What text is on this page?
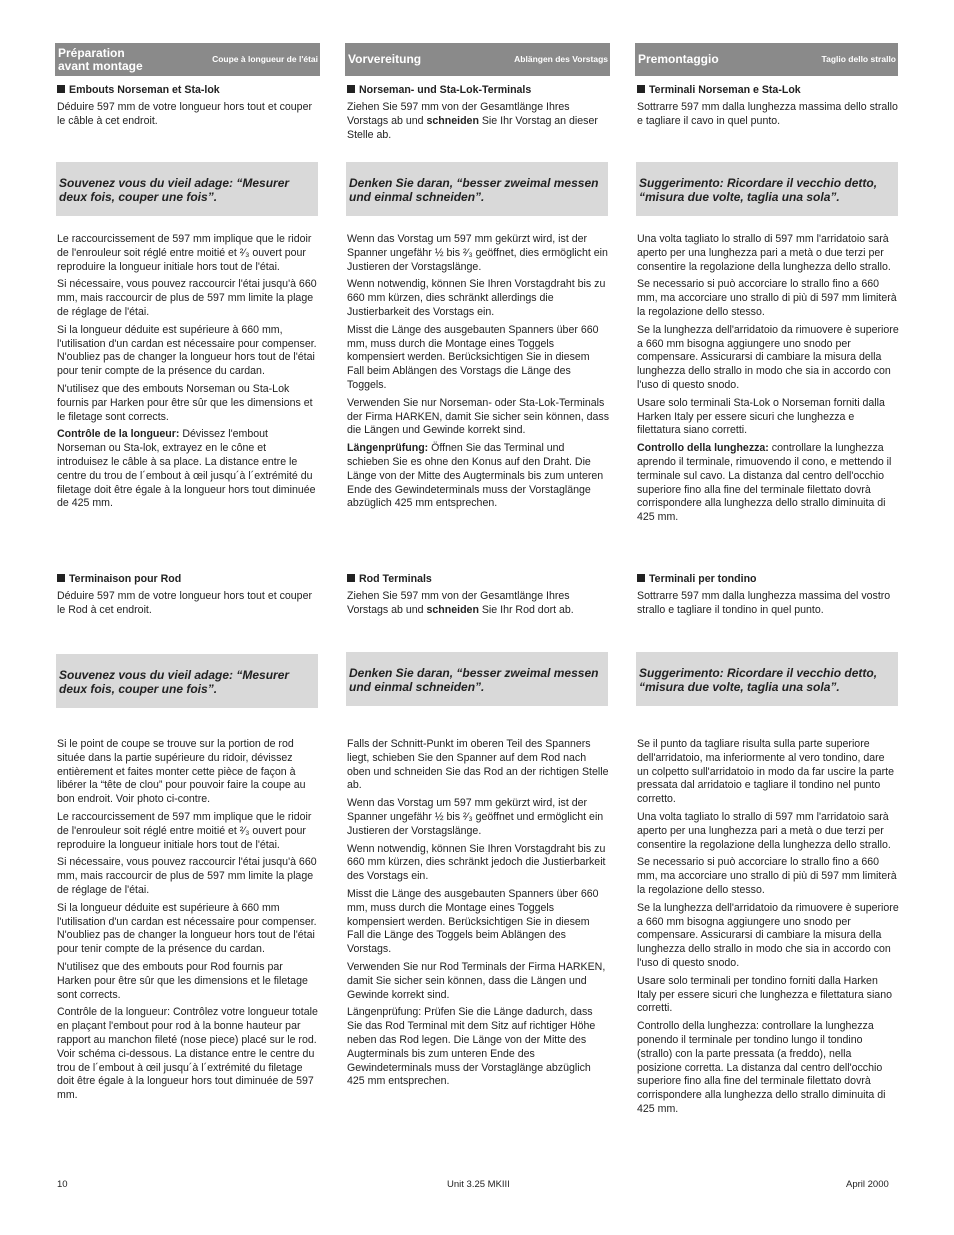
Préparation
avant montage	Coupe à longueur de l'étai	Vorvereitung	Ablängen des Vorstags	Premontaggio	Taglio dello strallo
Embouts Norseman et Sta-lok

Déduire 597 mm de votre longueur hors tout et couper le câble à cet endroit.

Souvenez vous du vieil adage: “Mesurer deux fois, couper une fois”.

Le raccourcissement de 597 mm implique que le ridoir de l'enrouleur soit réglé entre moitié et ²⁄₃ ouvert pour reproduire la longueur initiale hors tout de l'étai.

Si nécessaire, vous pouvez raccourcir l'étai jusqu'à 660 mm, mais raccourcir de plus de 597 mm limite la plage de réglage de l'étai.

Si la longueur déduite est supérieure à 660 mm, l'utilisation d'un cardan est nécessaire pour compenser. N'oubliez pas de changer la longueur hors tout de l'étai pour tenir compte de la présence du cardan.

N'utilisez que des embouts Norseman ou Sta-Lok fournis par Harken pour être sûr que les dimensions et le filetage sont corrects.

Contrôle de la longueur: Dévissez l'embout Norseman ou Sta-lok, extrayez en le cône et introduisez le câble à sa place. La distance entre le centre du trou de l´embout à œil jusqu´à l´extrémité du filetage doit être égale à la longueur hors tout diminuée de 425 mm.

Norseman- und Sta-Lok-Terminals

Ziehen Sie 597 mm von der Gesamtlänge Ihres Vorstags ab und schneiden Sie Ihr Vorstag an dieser Stelle ab.

Denken Sie daran, “besser zweimal messen und einmal schneiden”.

Wenn das Vorstag um 597 mm gekürzt wird, ist der Spanner ungefähr ½ bis ²⁄₃ geöffnet, dies ermöglicht ein Justieren der Vorstagslänge.

Wenn notwendig, können Sie Ihren Vorstagdraht bis zu 660 mm kürzen, dies schränkt allerdings die Justierbarkeit des Vorstags ein.

Misst die Länge des ausgebauten Spanners über 660 mm, muss durch die Montage eines Toggels kompensiert werden. Berücksichtigen Sie in diesem Fall beim Ablängen des Vorstags die Länge des Toggels.

Verwenden Sie nur Norseman- oder Sta-Lok-Terminals der Firma HARKEN, damit Sie sicher sein können, dass die Längen und Gewinde korrekt sind.

Längenprüfung: Öffnen Sie das Terminal und schieben Sie es ohne den Konus auf den Draht. Die Länge von der Mitte des Augterminals bis zum unteren Ende des Gewindeterminals muss der Vorstaglänge abzüglich 425 mm entsprechen.

Terminali Norseman e Sta-Lok

Sottrarre 597 mm dalla lunghezza massima dello strallo e tagliare il cavo in quel punto.

Suggerimento: Ricordare il vecchio detto, “misura due volte, taglia una sola”.

Una volta tagliato lo strallo di 597 mm l'arridatoio sarà aperto per una lunghezza pari a metà o due terzi per consentire la regolazione della lunghezza dello strallo.

Se necessario si può accorciare lo strallo fino a 660 mm, ma accorciare uno strallo di più di 597 mm limiterà la regolazione dello stesso.

Se la lunghezza dell'arridatoio da rimuovere è superiore a 660 mm bisogna aggiungere uno snodo per compensare. Assicurarsi di cambiare la misura della lunghezza dello strallo in modo che sia in accordo con l'uso di questo snodo.

Usare solo terminali Sta-Lok o Norseman forniti dalla Harken Italy per essere sicuri che lunghezza e filettatura siano corretti.

Controllo della lunghezza: controllare la lunghezza aprendo il terminale, rimuovendo il cono, e mettendo il terminale sul cavo. La distanza dal centro dell'occhio superiore fino alla fine del terminale filettato dovrà corrispondere alla lunghezza dello strallo diminuita di 425 mm.

Terminaison pour Rod

Déduire 597 mm de votre longueur hors tout et couper le Rod à cet endroit.

Souvenez vous du vieil adage: “Mesurer deux fois, couper une fois”.

Si le point de coupe se trouve sur la portion de rod située dans la partie supérieure du ridoir, dévissez entièrement et faites monter cette pièce de façon à libérer la “tête de clou” pour pouvoir faire la coupe au bon endroit. Voir photo ci-contre.

Le raccourcissement de 597 mm implique que le ridoir de l'enrouleur soit réglé entre moitié et ²⁄₃ ouvert pour reproduire la longueur initiale hors tout de l'étai.

Si nécessaire, vous pouvez raccourcir l'étai jusqu'à 660 mm, mais raccourcir de plus de 597 mm limite la plage de réglage de l'étai.

Si la longueur déduite est supérieure à 660 mm l'utilisation d'un cardan est nécessaire pour compenser. N'oubliez pas de changer la longueur hors tout de l'étai pour tenir compte de la présence du cardan.

N'utilisez que des embouts pour Rod fournis par Harken pour être sûr que les dimensions et le filetage sont corrects.

Contrôle de la longueur: Contrôlez votre longueur totale en plaçant l'embout pour rod à la bonne hauteur par rapport au manchon fileté (nose piece) placé sur le rod. Voir schéma ci-dessous. La distance entre le centre du trou de l´embout à œil jusqu´à l´extrémité du filetage doit être égale à la longueur hors tout diminuée de 597 mm.

Rod Terminals

Ziehen Sie 597 mm von der Gesamtlänge Ihres Vorstags ab und schneiden Sie Ihr Rod dort ab.

Denken Sie daran, “besser zweimal messen und einmal schneiden”.

Falls der Schnitt-Punkt im oberen Teil des Spanners liegt, schieben Sie den Spanner auf dem Rod nach oben und schneiden Sie das Rod an der richtigen Stelle ab.

Wenn das Vorstag um 597 mm gekürzt wird, ist der Spanner ungefähr ½ bis ²⁄₃ geöffnet und ermöglicht ein Justieren der Vorstagslänge.

Wenn notwendig, können Sie Ihren Vorstagdraht bis zu 660 mm kürzen, dies schränkt jedoch die Justierbarkeit des Vorstags ein.

Misst die Länge des ausgebauten Spanners über 660 mm, muss durch die Montage eines Toggels kompensiert werden. Berücksichtigen Sie in diesem Fall die Länge des Toggels beim Ablängen des Vorstags.

Verwenden Sie nur Rod Terminals der Firma HARKEN, damit Sie sicher sein können, dass die Längen und Gewinde korrekt sind.

Längenprüfung: Prüfen Sie die Länge dadurch, dass Sie das Rod Terminal mit dem Sitz auf richtiger Höhe neben das Rod legen. Die Länge von der Mitte des Augterminals bis zum unteren Ende des Gewindeterminals muss der Vorstaglänge abzüglich 425 mm entsprechen.

Terminali per tondino

Sottrarre 597 mm dalla lunghezza massima del vostro strallo e tagliare il tondino in quel punto.

Suggerimento: Ricordare il vecchio detto, “misura due volte, taglia una sola”.

Se il punto da tagliare risulta sulla parte superiore dell'arridatoio, ma inferiormente al vero tondino, dare un colpetto sull'arridatoio in modo da far uscire la parte pressata dal arridatoio e tagliare il tondino nel punto corretto.

Una volta tagliato lo strallo di 597 mm l'arridatoio sarà aperto per una lunghezza pari a metà o due terzi per consentire la regolazione della lunghezza dello strallo.

Se necessario si può accorciare lo strallo fino a 660 mm, ma accorciare uno strallo di più di 597 mm limiterà la regolazione dello stesso.

Se la lunghezza dell'arridatoio da rimuovere è superiore a 660 mm bisogna aggiungere uno snodo per compensare. Assicurarsi di cambiare la misura della lunghezza dello strallo in modo che sia in accordo con l'uso di questo snodo.

Usare solo terminali per tondino forniti dalla Harken Italy per essere sicuri che lunghezza e filettatura siano corretti.

Controllo della lunghezza: controllare la lunghezza ponendo il terminale per tondino lungo il tondino (strallo) con la parte pressata (a freddo), nella posizione corretta. La distanza dal centro dell'occhio superiore fino alla fine del terminale filettato dovrà corrispondere alla lunghezza dello strallo diminuita di 425 mm.

10	Unit 3.25 MKIII	April 2000
